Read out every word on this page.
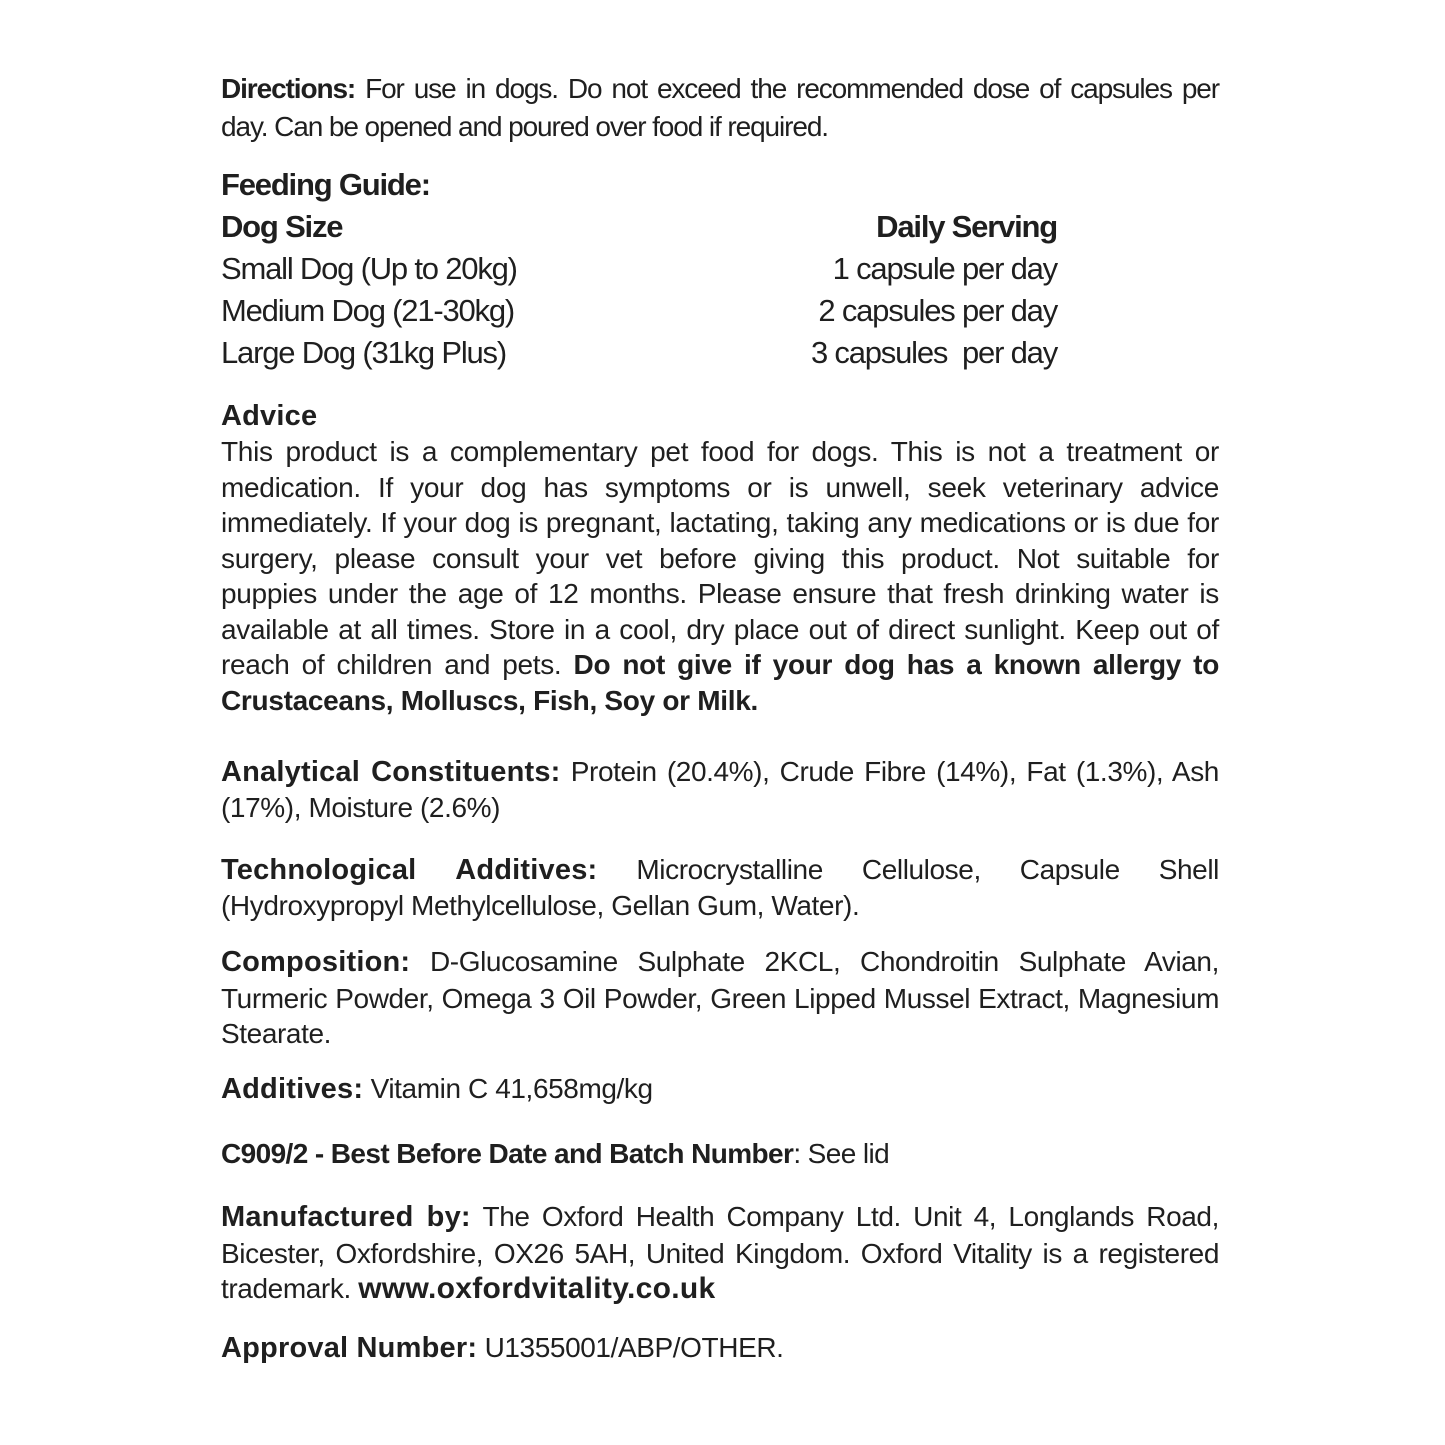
Directions: For use in dogs. Do not exceed the recommended dose of capsules per day. Can be opened and poured over food if required.
Feeding Guide:
Dog Size	Daily Serving
Small Dog (Up to 20kg)	1 capsule per day
Medium Dog (21-30kg)	2 capsules per day
Large Dog (31kg Plus)	3 capsules  per day
Advice
This product is a complementary pet food for dogs. This is not a treatment or medication. If your dog has symptoms or is unwell, seek veterinary advice immediately. If your dog is pregnant, lactating, taking any medications or is due for surgery, please consult your vet before giving this product. Not suitable for puppies under the age of 12 months. Please ensure that fresh drinking water is available at all times. Store in a cool, dry place out of direct sunlight. Keep out of reach of children and pets. Do not give if your dog has a known allergy to Crustaceans, Molluscs, Fish, Soy or Milk.
Analytical Constituents: Protein (20.4%), Crude Fibre (14%), Fat (1.3%), Ash (17%), Moisture (2.6%)
Technological Additives: Microcrystalline Cellulose, Capsule Shell (Hydroxypropyl Methylcellulose, Gellan Gum, Water).
Composition: D-Glucosamine Sulphate 2KCL, Chondroitin Sulphate Avian, Turmeric Powder, Omega 3 Oil Powder, Green Lipped Mussel Extract, Magnesium Stearate.
Additives: Vitamin C 41,658mg/kg
C909/2 - Best Before Date and Batch Number: See lid
Manufactured by: The Oxford Health Company Ltd. Unit 4, Longlands Road, Bicester, Oxfordshire, OX26 5AH, United Kingdom. Oxford Vitality is a registered trademark. www.oxfordvitality.co.uk
Approval Number: U1355001/ABP/OTHER.
